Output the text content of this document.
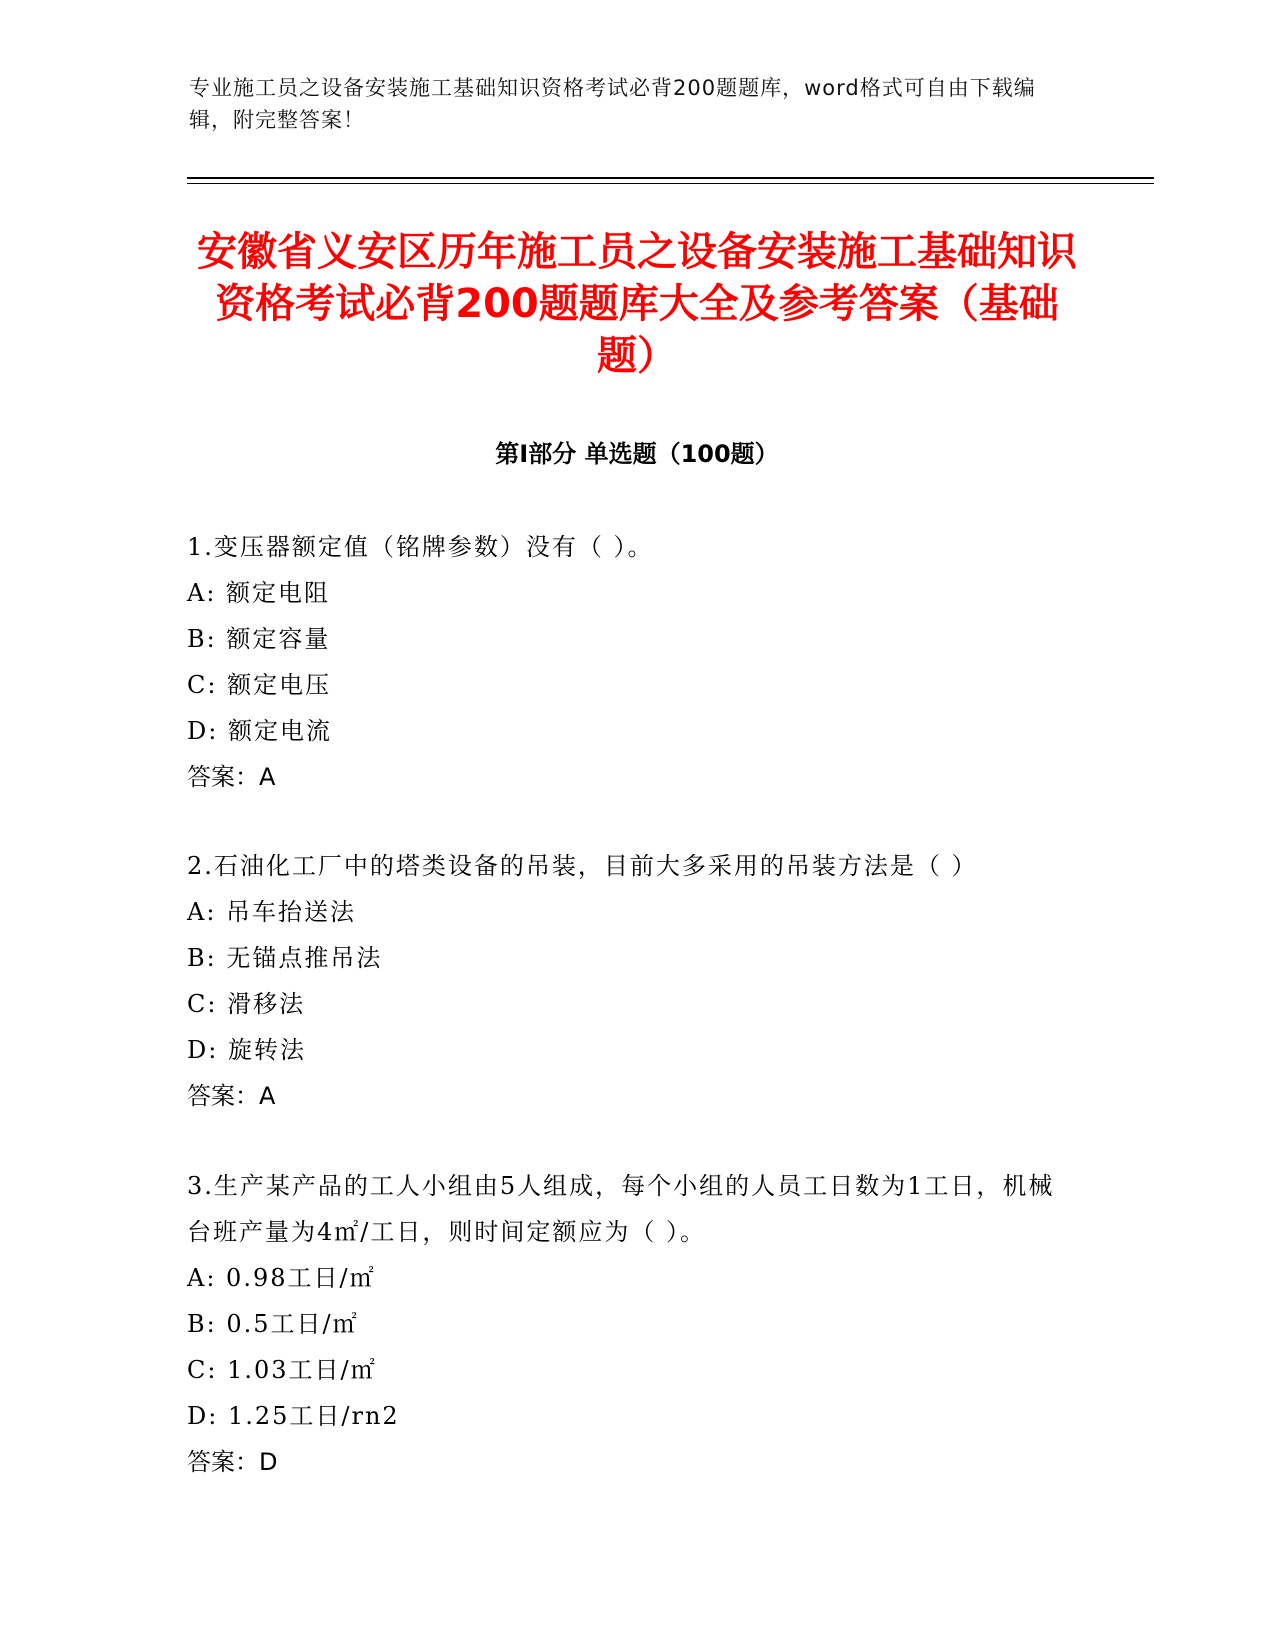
专业施工员之设备安装施工基础知识资格考试必背200题题库，word格式可自由下载编辑，附完整答案！
安徽省义安区历年施工员之设备安装施工基础知识资格考试必背200题题库大全及参考答案（基础题）
第I部分 单选题（100题）
1.变压器额定值（铭牌参数）没有（ ）。
A: 额定电阻
B: 额定容量
C: 额定电压
D: 额定电流
答案：A
2.石油化工厂中的塔类设备的吊装，目前大多采用的吊装方法是（ ）
A: 吊车抬送法
B: 无锚点推吊法
C: 滑移法
D: 旋转法
答案：A
3.生产某产品的工人小组由5人组成，每个小组的人员工日数为1工日，机械台班产量为4㎡/工日，则时间定额应为（ ）。
A: 0.98工日/㎡
B: 0.5工日/㎡
C: 1.03工日/㎡
D: 1.25工日/rn2
答案：D
